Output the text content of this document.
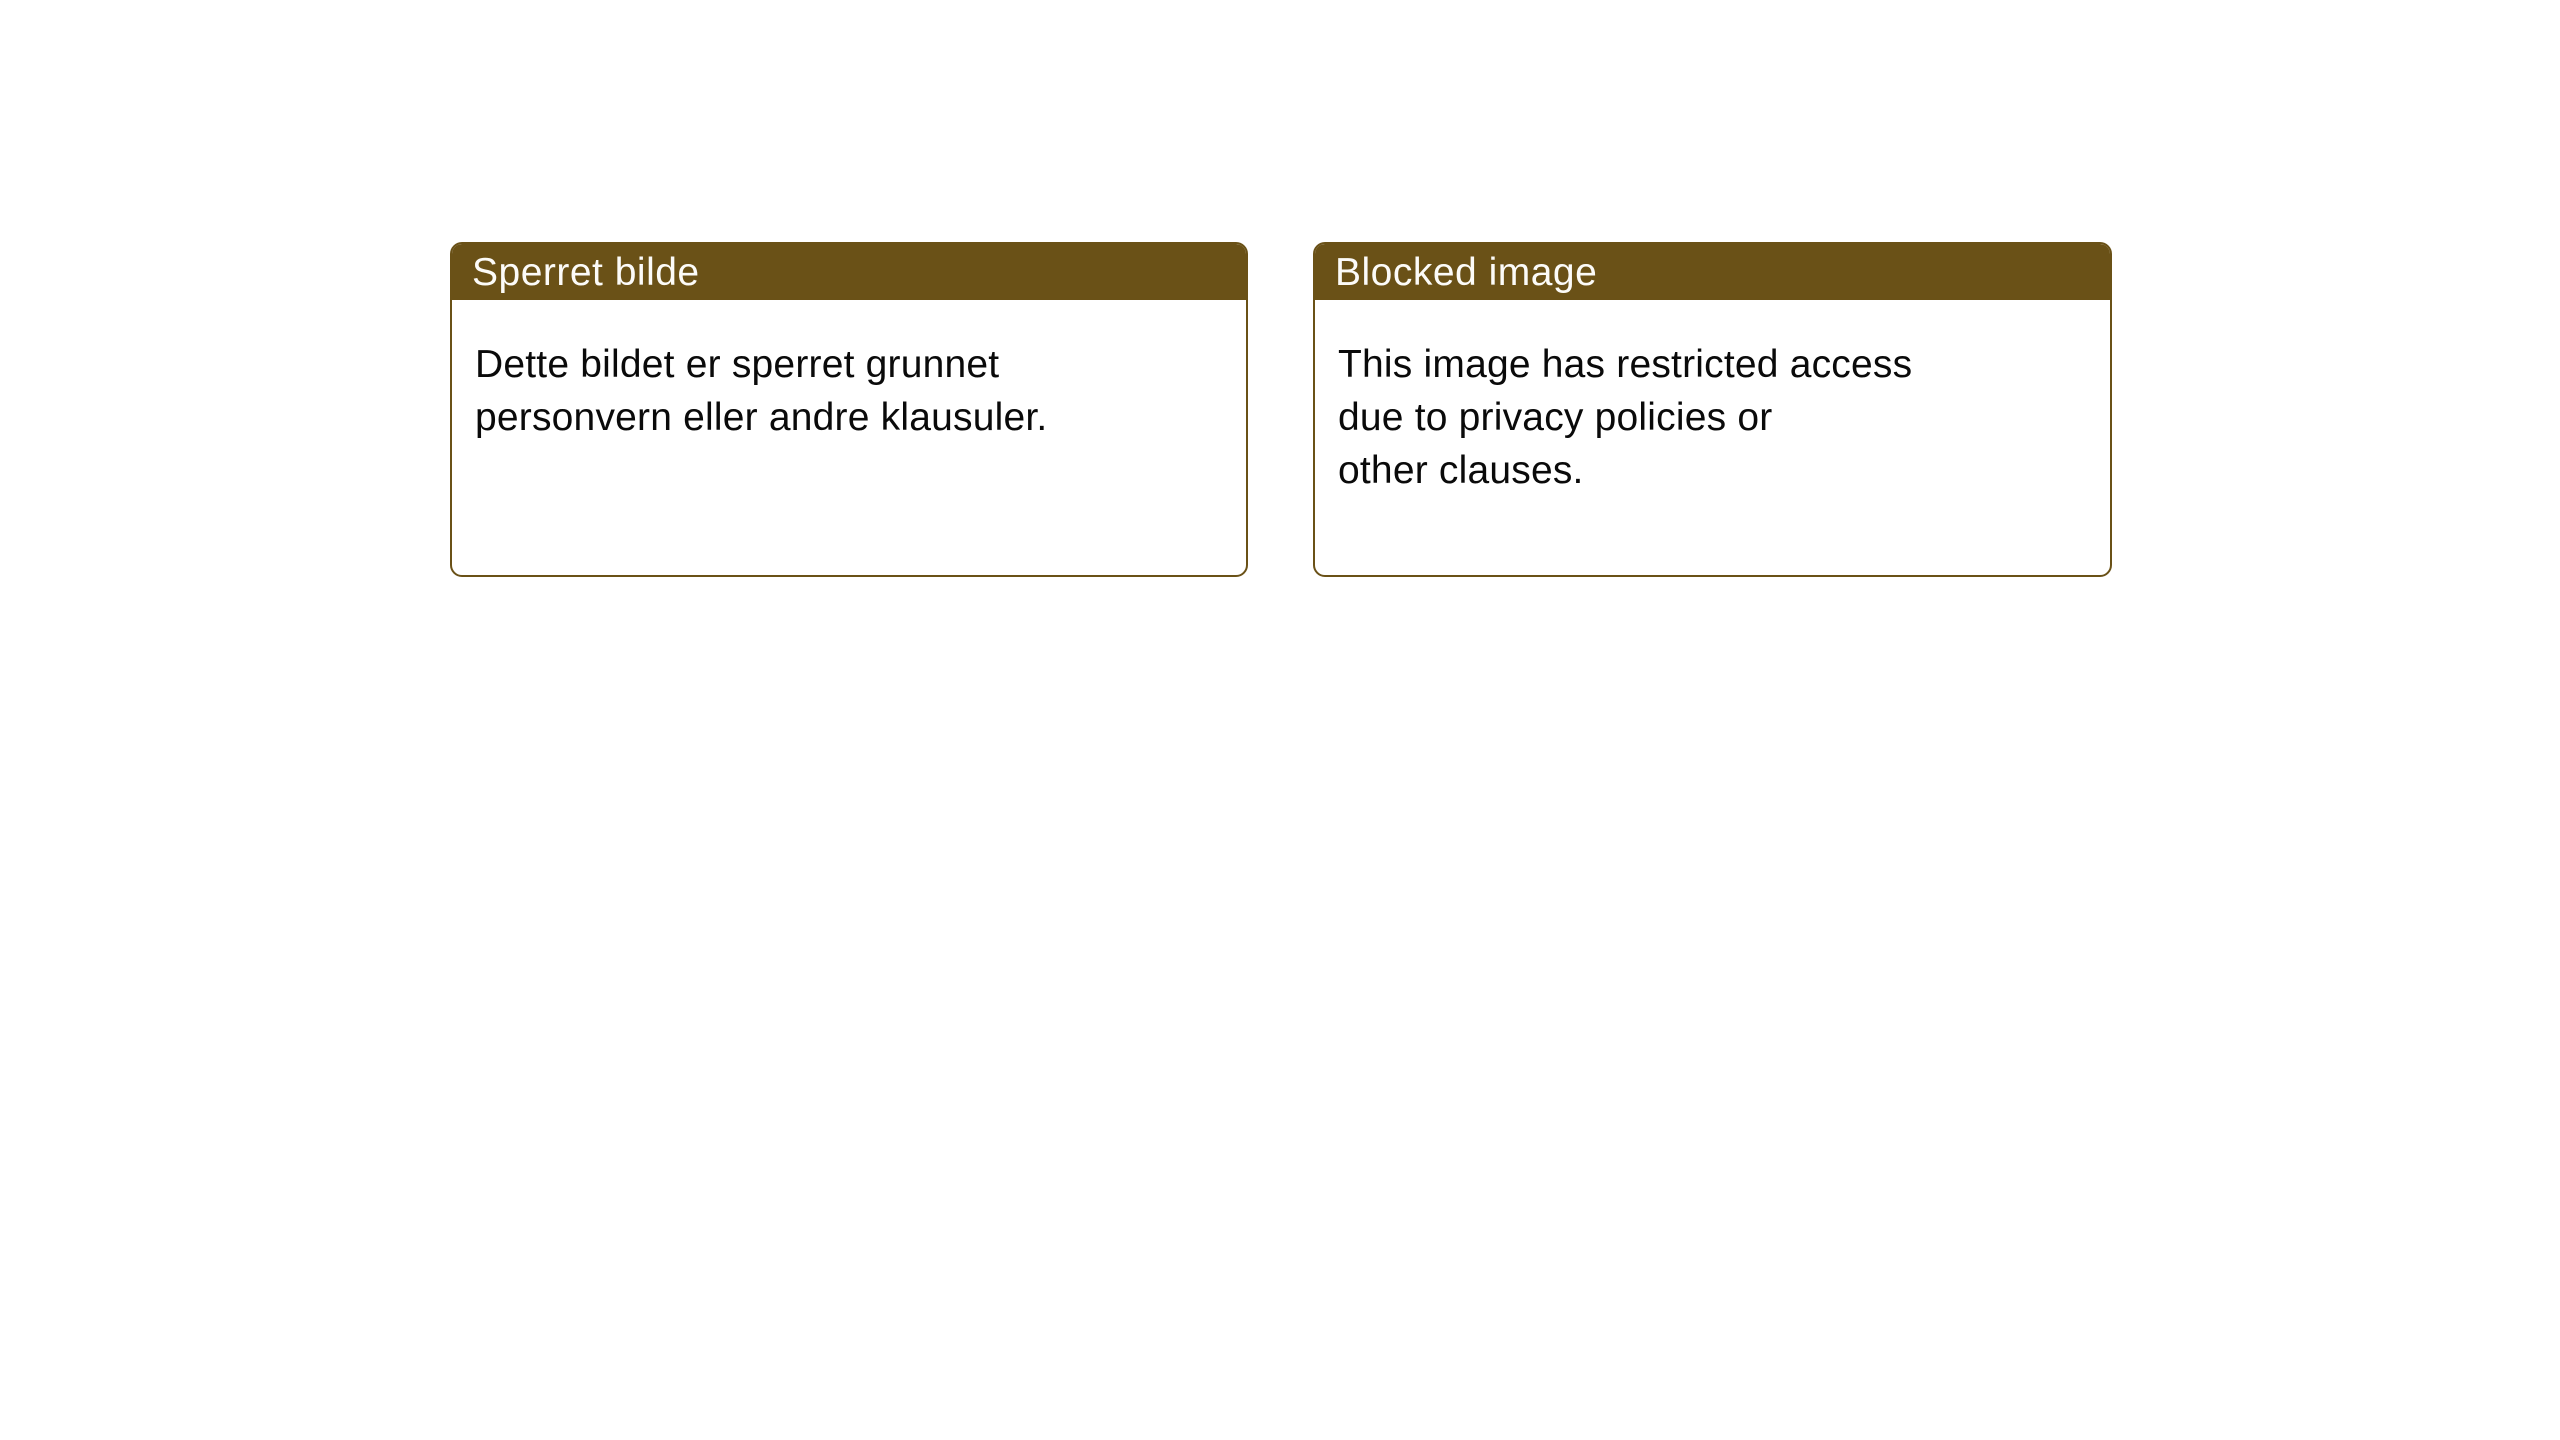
Sperret bilde

Dette bildet er sperret grunnet
personvern eller andre klausuler.

Blocked image

This image has restricted access
due to privacy policies or
other clauses.
